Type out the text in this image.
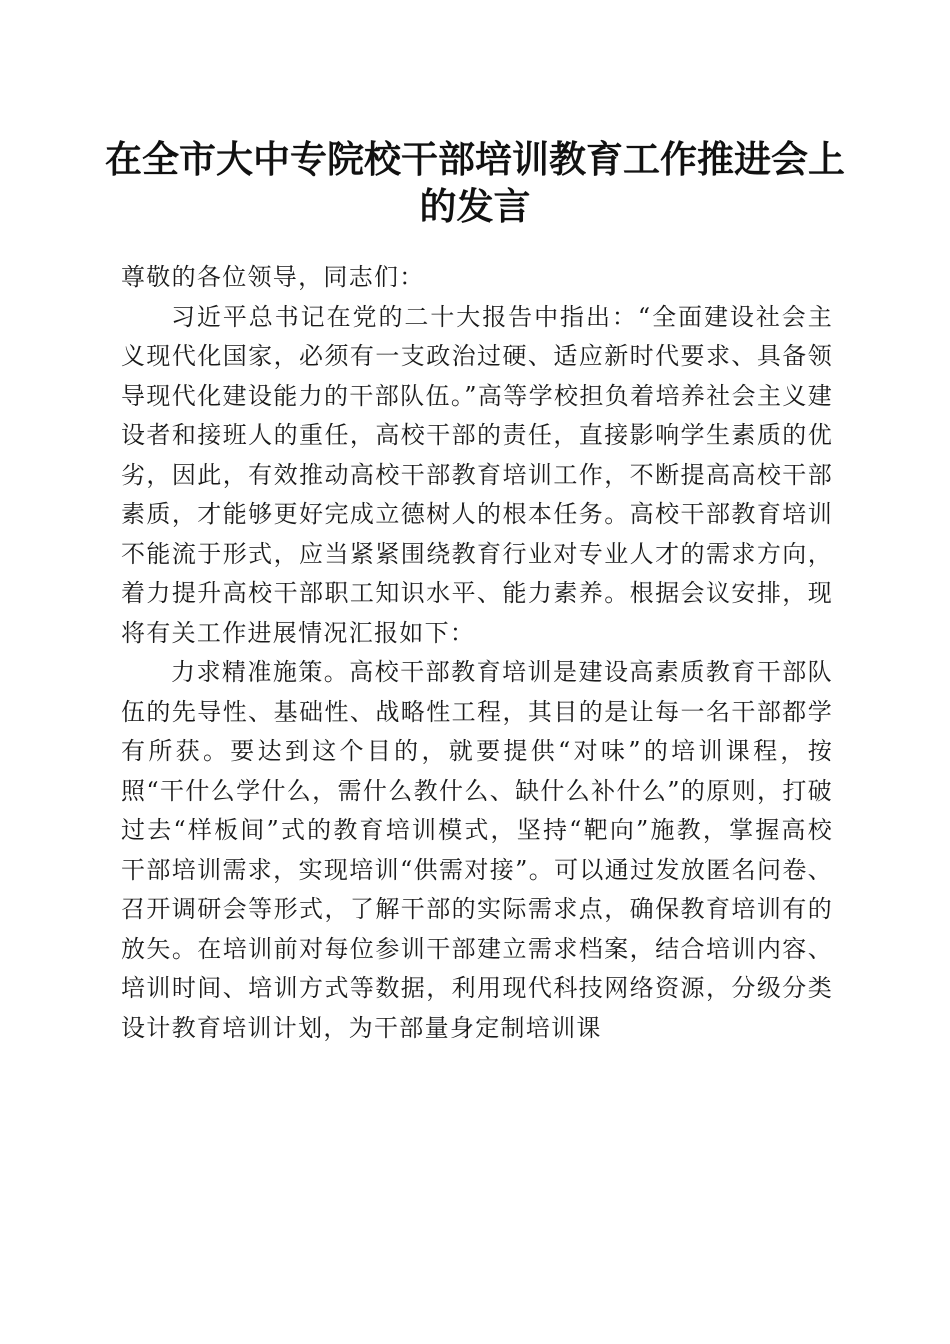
在全市大中专院校干部培训教育工作推进会上的发言

尊敬的各位领导，同志们：

习近平总书记在党的二十大报告中指出：“全面建设社会主义现代化国家，必须有一支政治过硬、适应新时代要求、具备领导现代化建设能力的干部队伍。”高等学校担负着培养社会主义建设者和接班人的重任，高校干部的责任，直接影响学生素质的优劣，因此，有效推动高校干部教育培训工作，不断提高高校干部素质，才能够更好完成立德树人的根本任务。高校干部教育培训不能流于形式，应当紧紧围绕教育行业对专业人才的需求方向，着力提升高校干部职工知识水平、能力素养。根据会议安排，现将有关工作进展情况汇报如下：

力求精准施策。高校干部教育培训是建设高素质教育干部队伍的先导性、基础性、战略性工程，其目的是让每一名干部都学有所获。要达到这个目的，就要提供“对味”的培训课程，按照“干什么学什么，需什么教什么、缺什么补什么”的原则，打破过去“样板间”式的教育培训模式，坚持“靶向”施教，掌握高校干部培训需求，实现培训“供需对接”。可以通过发放匿名问卷、召开调研会等形式，了解干部的实际需求点，确保教育培训有的放矢。在培训前对每位参训干部建立需求档案，结合培训内容、培训时间、培训方式等数据，利用现代科技网络资源，分级分类设计教育培训计划，为干部量身定制培训课
